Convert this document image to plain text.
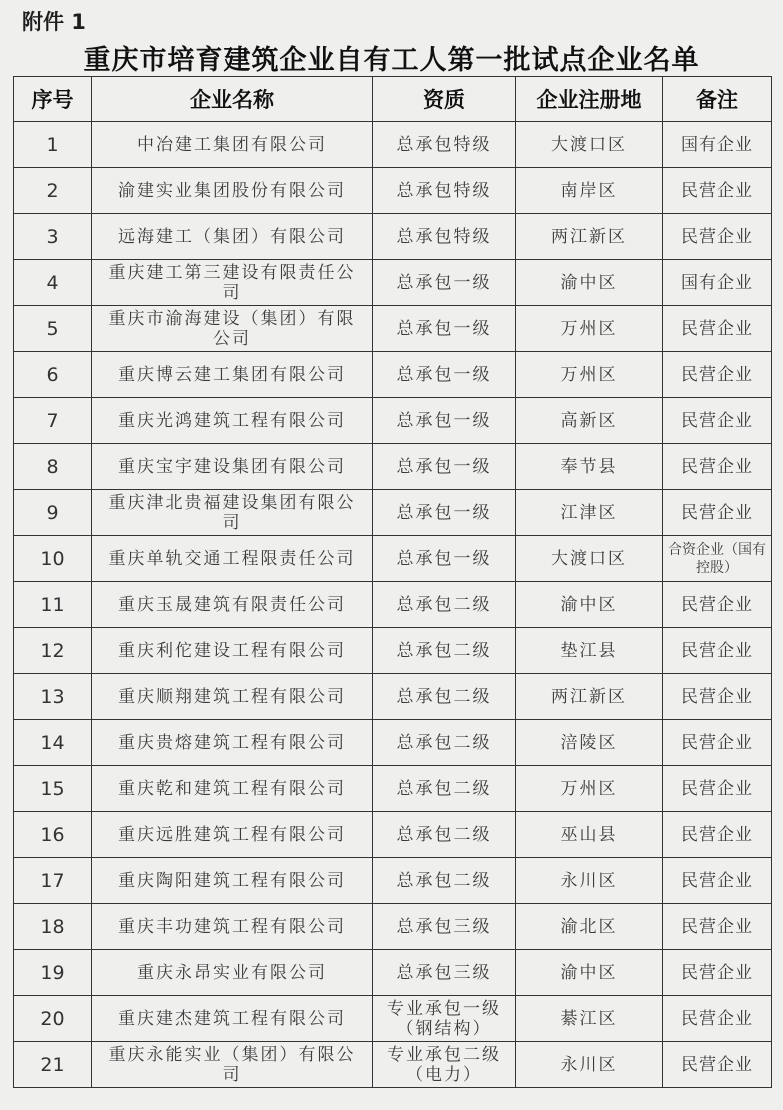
附件 1
重庆市培育建筑企业自有工人第一批试点企业名单
序号	企业名称	资质	企业注册地	备注
1	中冶建工集团有限公司	总承包特级	大渡口区	国有企业
2	渝建实业集团股份有限公司	总承包特级	南岸区	民营企业
3	远海建工（集团）有限公司	总承包特级	两江新区	民营企业
4	重庆建工第三建设有限责任公司	总承包一级	渝中区	国有企业
5	重庆市渝海建设（集团）有限公司	总承包一级	万州区	民营企业
6	重庆博云建工集团有限公司	总承包一级	万州区	民营企业
7	重庆光鸿建筑工程有限公司	总承包一级	高新区	民营企业
8	重庆宝宇建设集团有限公司	总承包一级	奉节县	民营企业
9	重庆津北贵福建设集团有限公司	总承包一级	江津区	民营企业
10	重庆单轨交通工程限责任公司	总承包一级	大渡口区	合资企业（国有控股）
11	重庆玉晟建筑有限责任公司	总承包二级	渝中区	民营企业
12	重庆利佗建设工程有限公司	总承包二级	垫江县	民营企业
13	重庆顺翔建筑工程有限公司	总承包二级	两江新区	民营企业
14	重庆贵熔建筑工程有限公司	总承包二级	涪陵区	民营企业
15	重庆乾和建筑工程有限公司	总承包二级	万州区	民营企业
16	重庆远胜建筑工程有限公司	总承包二级	巫山县	民营企业
17	重庆陶阳建筑工程有限公司	总承包二级	永川区	民营企业
18	重庆丰功建筑工程有限公司	总承包三级	渝北区	民营企业
19	重庆永昂实业有限公司	总承包三级	渝中区	民营企业
20	重庆建杰建筑工程有限公司	专业承包一级（钢结构）	綦江区	民营企业
21	重庆永能实业（集团）有限公司	专业承包二级（电力）	永川区	民营企业
